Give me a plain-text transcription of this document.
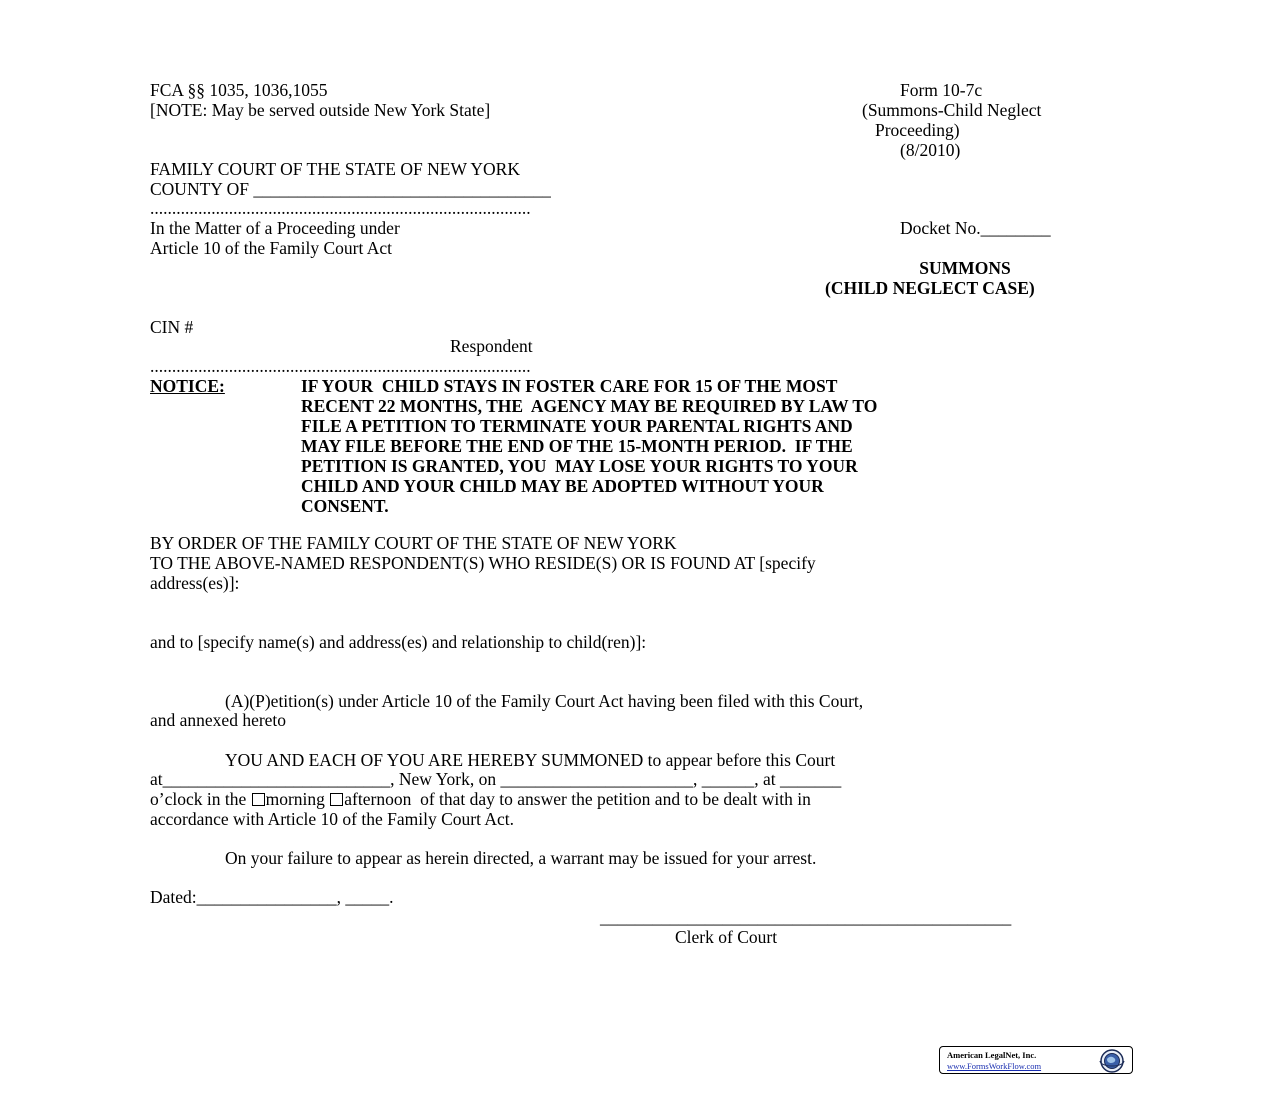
FCA §§ 1035, 1036,1055
[NOTE: May be served outside New York State]
Form 10-7c
(Summons-Child Neglect
Proceeding)
(8/2010)
FAMILY COURT OF THE STATE OF NEW YORK
COUNTY OF __________________________________
.......................................................................................
In the Matter of a Proceeding under
Article 10 of the Family Court Act
Docket No.________
SUMMONS
(CHILD NEGLECT CASE)
CIN #
Respondent
.......................................................................................
NOTICE:	IF YOUR  CHILD STAYS IN FOSTER CARE FOR 15 OF THE MOST
RECENT 22 MONTHS, THE  AGENCY MAY BE REQUIRED BY LAW TO
FILE A PETITION TO TERMINATE YOUR PARENTAL RIGHTS AND
MAY FILE BEFORE THE END OF THE 15-MONTH PERIOD.  IF THE
PETITION IS GRANTED, YOU  MAY LOSE YOUR RIGHTS TO YOUR
CHILD AND YOUR CHILD MAY BE ADOPTED WITHOUT YOUR
CONSENT.
BY ORDER OF THE FAMILY COURT OF THE STATE OF NEW YORK
TO THE ABOVE-NAMED RESPONDENT(S) WHO RESIDE(S) OR IS FOUND AT [specify
address(es)]:
and to [specify name(s) and address(es) and relationship to child(ren)]:
(A)(P)etition(s) under Article 10 of the Family Court Act having been filed with this Court,
and annexed hereto
YOU AND EACH OF YOU ARE HEREBY SUMMONED to appear before this Court
at__________________________, New York, on ______________________, ______, at _______
o’clock in the morning afternoon  of that day to answer the petition and to be dealt with in
accordance with Article 10 of the Family Court Act.
On your failure to appear as herein directed, a warrant may be issued for your arrest.
Dated:________________, _____.
_______________________________________________
Clerk of Court
American LegalNet, Inc.
www.FormsWorkFlow.com
